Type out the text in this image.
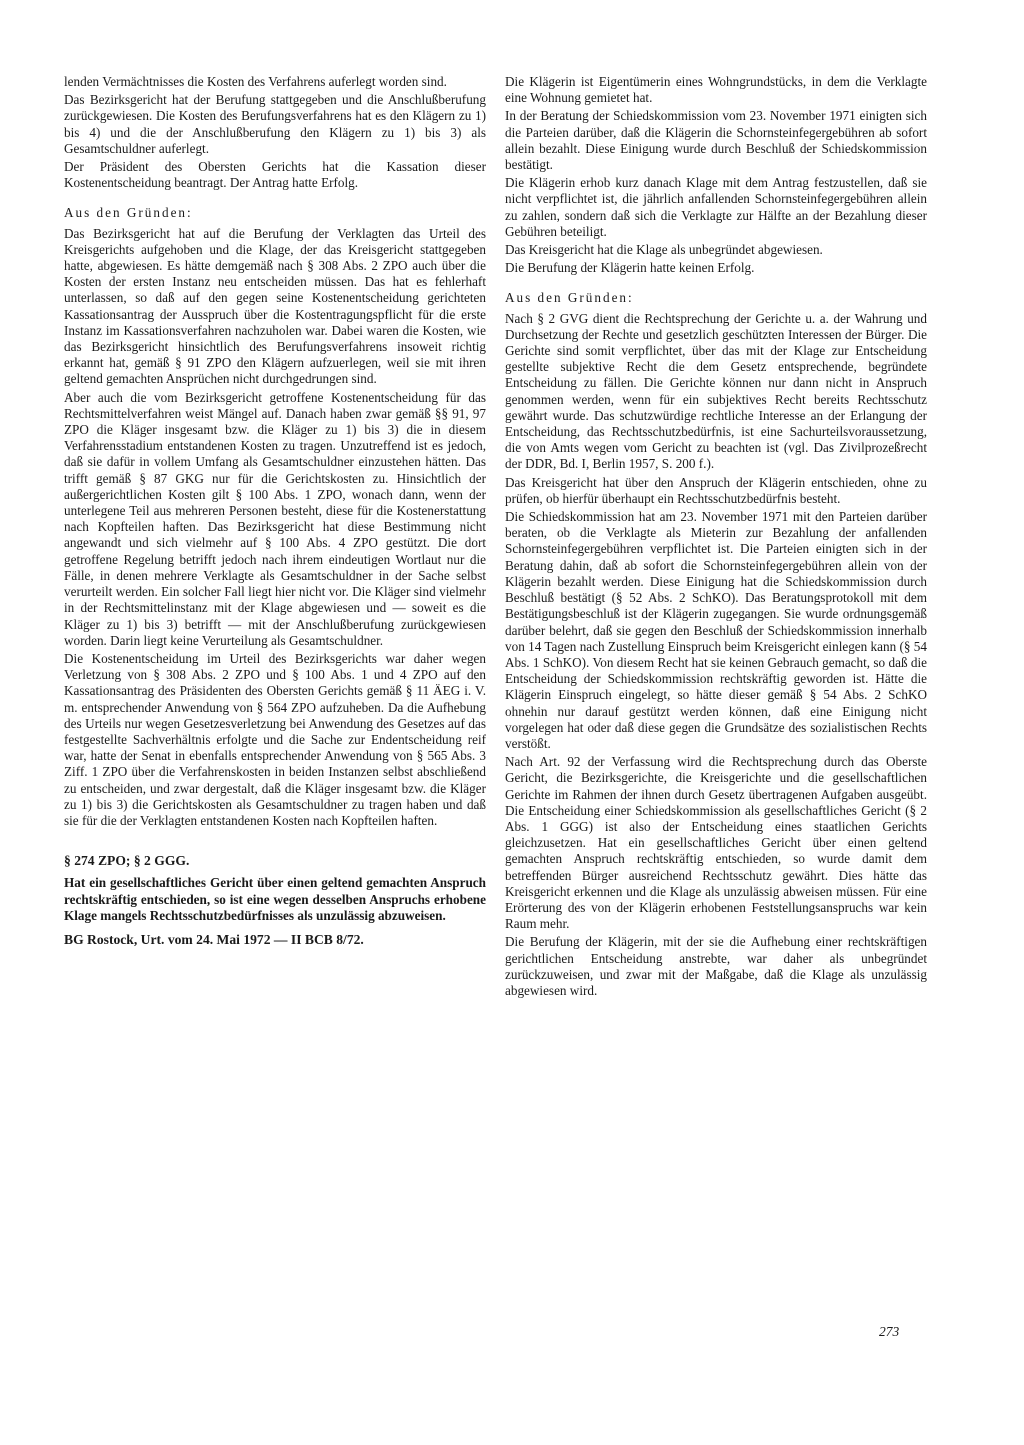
lenden Vermächtnisses die Kosten des Verfahrens auferlegt worden sind.

Das Bezirksgericht hat der Berufung stattgegeben und die Anschlußberufung zurückgewiesen. Die Kosten des Berufungsverfahrens hat es den Klägern zu 1) bis 4) und die der Anschlußberufung den Klägern zu 1) bis 3) als Gesamtschuldner auferlegt.

Der Präsident des Obersten Gerichts hat die Kassation dieser Kostenentscheidung beantragt. Der Antrag hatte Erfolg.

Aus den Gründen:

Das Bezirksgericht hat auf die Berufung der Verklagten das Urteil des Kreisgerichts aufgehoben und die Klage, der das Kreisgericht stattgegeben hatte, abgewiesen. Es hätte demgemäß nach § 308 Abs. 2 ZPO auch über die Kosten der ersten Instanz neu entscheiden müssen. Das hat es fehlerhaft unterlassen, so daß auf den gegen seine Kostenentscheidung gerichteten Kassationsantrag der Ausspruch über die Kostentragungspflicht für die erste Instanz im Kassationsverfahren nachzuholen war. Dabei waren die Kosten, wie das Bezirksgericht hinsichtlich des Berufungsverfahrens insoweit richtig erkannt hat, gemäß § 91 ZPO den Klägern aufzuerlegen, weil sie mit ihren geltend gemachten Ansprüchen nicht durchgedrungen sind.

Aber auch die vom Bezirksgericht getroffene Kostenentscheidung für das Rechtsmittelverfahren weist Mängel auf. Danach haben zwar gemäß §§ 91, 97 ZPO die Kläger insgesamt bzw. die Kläger zu 1) bis 3) die in diesem Verfahrensstadium entstandenen Kosten zu tragen. Unzutreffend ist es jedoch, daß sie dafür in vollem Umfang als Gesamtschuldner einzustehen hätten. Das trifft gemäß § 87 GKG nur für die Gerichtskosten zu. Hinsichtlich der außergerichtlichen Kosten gilt § 100 Abs. 1 ZPO, wonach dann, wenn der unterlegene Teil aus mehreren Personen besteht, diese für die Kostenerstattung nach Kopfteilen haften. Das Bezirksgericht hat diese Bestimmung nicht angewandt und sich vielmehr auf § 100 Abs. 4 ZPO gestützt. Die dort getroffene Regelung betrifft jedoch nach ihrem eindeutigen Wortlaut nur die Fälle, in denen mehrere Verklagte als Gesamtschuldner in der Sache selbst verurteilt werden. Ein solcher Fall liegt hier nicht vor. Die Kläger sind vielmehr in der Rechtsmittelinstanz mit der Klage abgewiesen und — soweit es die Kläger zu 1) bis 3) betrifft — mit der Anschlußberufung zurückgewiesen worden. Darin liegt keine Verurteilung als Gesamtschuldner.

Die Kostenentscheidung im Urteil des Bezirksgerichts war daher wegen Verletzung von § 308 Abs. 2 ZPO und § 100 Abs. 1 und 4 ZPO auf den Kassationsantrag des Präsidenten des Obersten Gerichts gemäß § 11 ÄEG i. V. m. entsprechender Anwendung von § 564 ZPO aufzuheben. Da die Aufhebung des Urteils nur wegen Gesetzesverletzung bei Anwendung des Gesetzes auf das festgestellte Sachverhältnis erfolgte und die Sache zur Endentscheidung reif war, hatte der Senat in ebenfalls entsprechender Anwendung von § 565 Abs. 3 Ziff. 1 ZPO über die Verfahrenskosten in beiden Instanzen selbst abschließend zu entscheiden, und zwar dergestalt, daß die Kläger insgesamt bzw. die Kläger zu 1) bis 3) die Gerichtskosten als Gesamtschuldner zu tragen haben und daß sie für die der Verklagten entstandenen Kosten nach Kopfteilen haften.

§ 274 ZPO; § 2 GGG.

Hat ein gesellschaftliches Gericht über einen geltend gemachten Anspruch rechtskräftig entschieden, so ist eine wegen desselben Anspruchs erhobene Klage mangels Rechtsschutzbedürfnisses als unzulässig abzuweisen.

BG Rostock, Urt. vom 24. Mai 1972 — II BCB 8/72.

Die Klägerin ist Eigentümerin eines Wohngrundstücks, in dem die Verklagte eine Wohnung gemietet hat.

In der Beratung der Schiedskommission vom 23. November 1971 einigten sich die Parteien darüber, daß die Klägerin die Schornsteinfegergebühren ab sofort allein bezahlt. Diese Einigung wurde durch Beschluß der Schiedskommission bestätigt.

Die Klägerin erhob kurz danach Klage mit dem Antrag festzustellen, daß sie nicht verpflichtet ist, die jährlich anfallenden Schornsteinfegergebühren allein zu zahlen, sondern daß sich die Verklagte zur Hälfte an der Bezahlung dieser Gebühren beteiligt.

Das Kreisgericht hat die Klage als unbegründet abgewiesen.

Die Berufung der Klägerin hatte keinen Erfolg.

Aus den Gründen:

Nach § 2 GVG dient die Rechtsprechung der Gerichte u. a. der Wahrung und Durchsetzung der Rechte und gesetzlich geschützten Interessen der Bürger. Die Gerichte sind somit verpflichtet, über das mit der Klage zur Entscheidung gestellte subjektive Recht die dem Gesetz entsprechende, begründete Entscheidung zu fällen. Die Gerichte können nur dann nicht in Anspruch genommen werden, wenn für ein subjektives Recht bereits Rechtsschutz gewährt wurde. Das schutzwürdige rechtliche Interesse an der Erlangung der Entscheidung, das Rechtsschutzbedürfnis, ist eine Sachurteilsvoraussetzung, die von Amts wegen vom Gericht zu beachten ist (vgl. Das Zivilprozeßrecht der DDR, Bd. I, Berlin 1957, S. 200 f.).

Das Kreisgericht hat über den Anspruch der Klägerin entschieden, ohne zu prüfen, ob hierfür überhaupt ein Rechtsschutzbedürfnis besteht.

Die Schiedskommission hat am 23. November 1971 mit den Parteien darüber beraten, ob die Verklagte als Mieterin zur Bezahlung der anfallenden Schornsteinfegergebühren verpflichtet ist. Die Parteien einigten sich in der Beratung dahin, daß ab sofort die Schornsteinfegergebühren allein von der Klägerin bezahlt werden. Diese Einigung hat die Schiedskommission durch Beschluß bestätigt (§ 52 Abs. 2 SchKO). Das Beratungsprotokoll mit dem Bestätigungsbeschluß ist der Klägerin zugegangen. Sie wurde ordnungsgemäß darüber belehrt, daß sie gegen den Beschluß der Schiedskommission innerhalb von 14 Tagen nach Zustellung Einspruch beim Kreisgericht einlegen kann (§ 54 Abs. 1 SchKO). Von diesem Recht hat sie keinen Gebrauch gemacht, so daß die Entscheidung der Schiedskommission rechtskräftig geworden ist. Hätte die Klägerin Einspruch eingelegt, so hätte dieser gemäß § 54 Abs. 2 SchKO ohnehin nur darauf gestützt werden können, daß eine Einigung nicht vorgelegen hat oder daß diese gegen die Grundsätze des sozialistischen Rechts verstößt.

Nach Art. 92 der Verfassung wird die Rechtsprechung durch das Oberste Gericht, die Bezirksgerichte, die Kreisgerichte und die gesellschaftlichen Gerichte im Rahmen der ihnen durch Gesetz übertragenen Aufgaben ausgeübt. Die Entscheidung einer Schiedskommission als gesellschaftliches Gericht (§ 2 Abs. 1 GGG) ist also der Entscheidung eines staatlichen Gerichts gleichzusetzen. Hat ein gesellschaftliches Gericht über einen geltend gemachten Anspruch rechtskräftig entschieden, so wurde damit dem betreffenden Bürger ausreichend Rechtsschutz gewährt. Dies hätte das Kreisgericht erkennen und die Klage als unzulässig abweisen müssen. Für eine Erörterung des von der Klägerin erhobenen Feststellungsanspruchs war kein Raum mehr.

Die Berufung der Klägerin, mit der sie die Aufhebung einer rechtskräftigen gerichtlichen Entscheidung anstrebte, war daher als unbegründet zurückzuweisen, und zwar mit der Maßgabe, daß die Klage als unzulässig abgewiesen wird.

273
